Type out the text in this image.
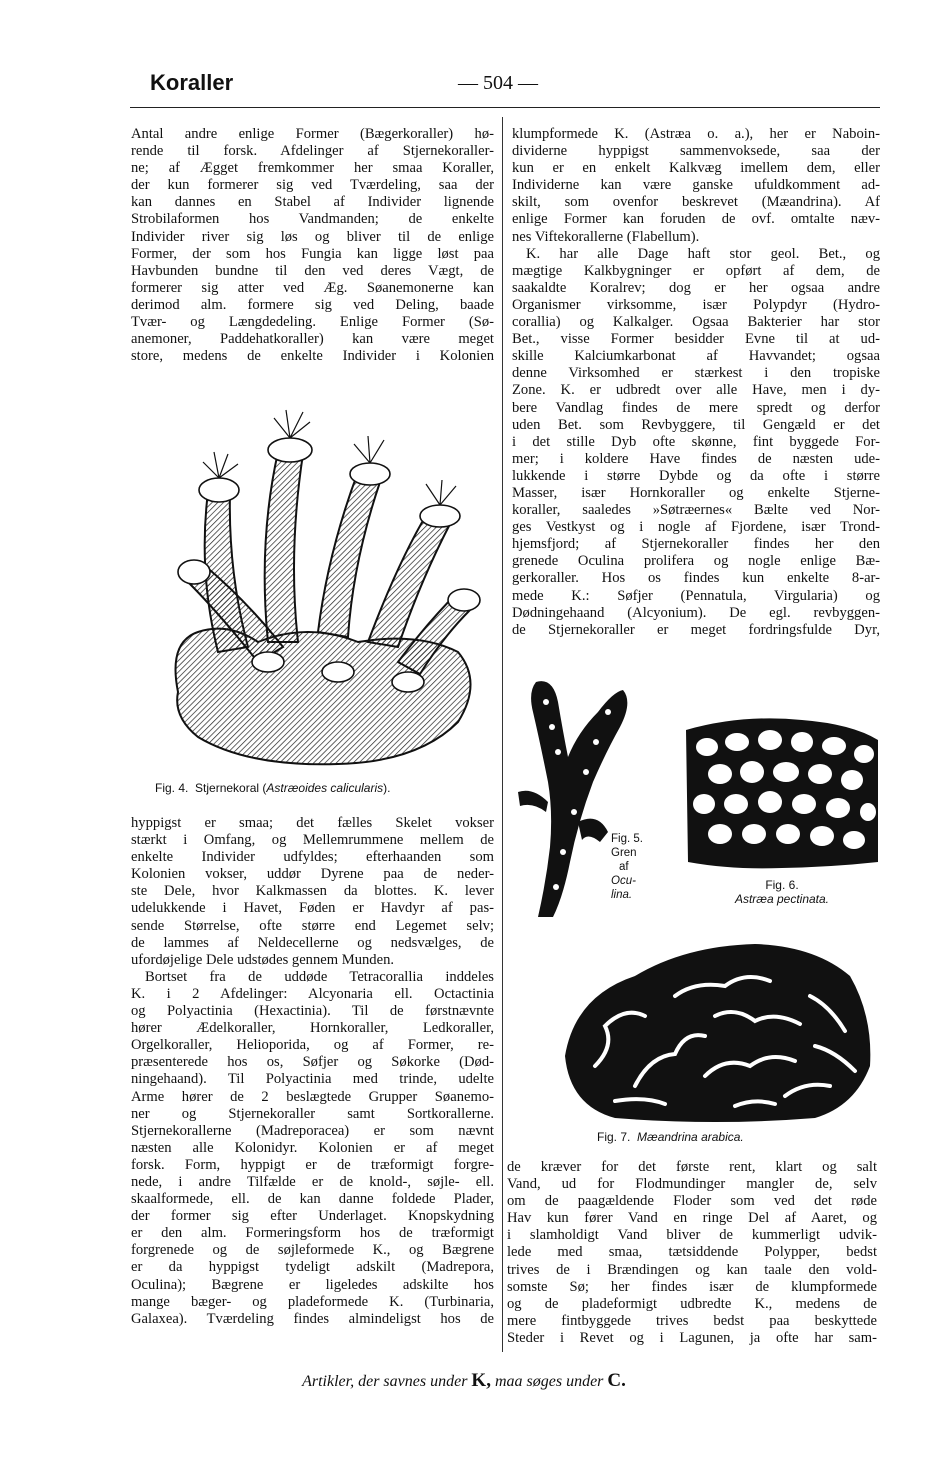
Koraller	— 504 —
Antal andre enlige Former (Bægerkoraller) hø-
rende til forsk. Afdelinger af Stjernekoraller-
ne; af Ægget fremkommer her smaa Koraller,
der kun formerer sig ved Tværdeling, saa der
kan dannes en Stabel af Individer lignende
Strobilaformen hos Vandmanden; de enkelte
Individer river sig løs og bliver til de enlige
Former, der som hos Fungia kan ligge løst paa
Havbunden bundne til den ved deres Vægt, de
formerer sig atter ved Æg. Søanemonerne kan
derimod alm. formere sig ved Deling, baade
Tvær- og Længdedeling. Enlige Former (Sø-
anemoner, Paddehatkoraller) kan være meget
store, medens de enkelte Individer i Kolonien
Fig. 4. Stjernekoral (Astræoides calicularis).
hyppigst er smaa; det fælles Skelet vokser
stærkt i Omfang, og Mellemrummene mellem de
enkelte Individer udfyldes; efterhaanden som
Kolonien vokser, uddør Dyrene paa de neder-
ste Dele, hvor Kalkmassen da blottes. K. lever
udelukkende i Havet, Føden er Havdyr af pas-
sende Størrelse, ofte større end Legemet selv;
de lammes af Neldecellerne og nedsvælges, de
ufordøjelige Dele udstødes gennem Munden.
Bortset fra de uddøde Tetracorallia inddeles
K. i 2 Afdelinger: Alcyonaria ell. Octactinia
og Polyactinia (Hexactinia). Til de førstnævnte
hører Ædelkoraller, Hornkoraller, Ledkoraller,
Orgelkoraller, Helioporida, og af Former, re-
præsenterede hos os, Søfjer og Søkorke (Død-
ningehaand). Til Polyactinia med trinde, udelte
Arme hører de 2 beslægtede Grupper Søanemo-
ner og Stjernekoraller samt Sortkorallerne.
Stjernekorallerne (Madreporacea) er som nævnt
næsten alle Kolonidyr. Kolonien er af meget
forsk. Form, hyppigt er de træformigt forgre-
nede, i andre Tilfælde er de knold-, søjle- ell.
skaalformede, ell. de kan danne foldede Plader,
der former sig efter Underlaget. Knopskydning
er den alm. Formeringsform hos de træformigt
forgrenede og de søjleformede K., og Bægrene
er da hyppigst tydeligt adskilt (Madrepora,
Oculina); Bægrene er ligeledes adskilte hos
mange bæger- og pladeformede K. (Turbinaria,
Galaxea). Tværdeling findes almindeligst hos de
klumpformede K. (Astræa o. a.), her er Naboin-
dividerne hyppigst sammenvoksede, saa der
kun er en enkelt Kalkvæg imellem dem, eller
Individerne kan være ganske ufuldkomment ad-
skilt, som ovenfor beskrevet (Mæandrina). Af
enlige Former kan foruden de ovf. omtalte næv-
nes Viftekorallerne (Flabellum).
K. har alle Dage haft stor geol. Bet., og
mægtige Kalkbygninger er opført af dem, de
saakaldte Koralrev; dog er her ogsaa andre
Organismer virksomme, især Polypdyr (Hydro-
corallia) og Kalkalger. Ogsaa Bakterier har stor
Bet., visse Former besidder Evne til at ud-
skille Kalciumkarbonat af Havvandet; ogsaa
denne Virksomhed er stærkest i den tropiske
Zone. K. er udbredt over alle Have, men i dy-
bere Vandlag findes de mere spredt og derfor
uden Bet. som Revbyggere, til Gengæld er det
i det stille Dyb ofte skønne, fint byggede For-
mer; i koldere Have findes de næsten ude-
lukkende i større Dybde og da ofte i større
Masser, især Hornkoraller og enkelte Stjerne-
koraller, saaledes »Søtræernes« Bælte ved Nor-
ges Vestkyst og i nogle af Fjordene, især Trond-
hjemsfjord; af Stjernekoraller findes her den
grenede Oculina prolifera og nogle enlige Bæ-
gerkoraller. Hos os findes kun enkelte 8-ar-
mede K.: Søfjer (Pennatula, Virgularia) og
Dødningehaand (Alcyonium). De egl. revbyggen-
de Stjernekoraller er meget fordringsfulde Dyr,
Fig. 5.
Gren
af
Ocu-
lina.
Fig. 6.
Astræa pectinata.
Fig. 7. Mæandrina arabica.
de kræver for det første rent, klart og salt
Vand, ud for Flodmundinger mangler de, selv
om de paagældende Floder som ved det røde
Hav kun fører Vand en ringe Del af Aaret, og
i slamholdigt Vand bliver de kummerligt udvik-
lede med smaa, tætsiddende Polypper, bedst
trives de i Brændingen og kan taale den vold-
somste Sø; her findes især de klumpformede
og de pladeformigt udbredte K., medens de
mere fintbyggede trives bedst paa beskyttede
Steder i Revet og i Lagunen, ja ofte har sam-
Artikler, der savnes under K, maa søges under C.
